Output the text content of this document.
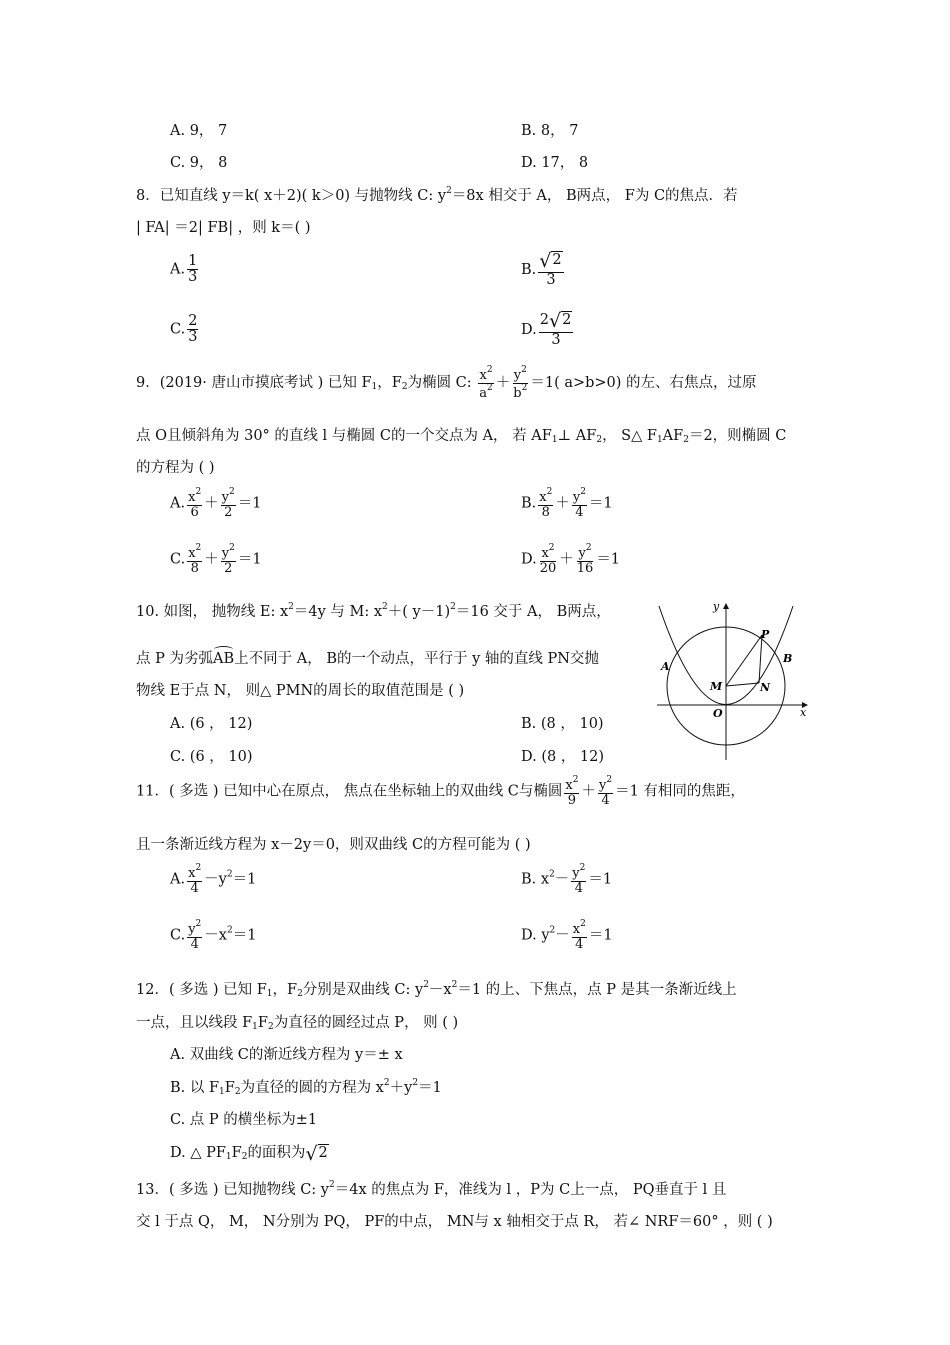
A. 9， 7	B. 8， 7
C. 9， 8	D. 17， 8
8．已知直线 y＝k( x＋2)( k＞0) 与抛物线 C: $y^2=8x$ 相交于 A， B两点， F为 C的焦点．若
| FA| ＝2| FB| ，则 k＝( )
A. $\frac{1}{3}$	B. $\frac{√2}{3}$
C. $\frac{2}{3}$	D. $\frac{2√2}{3}$
9．(2019· 唐山市摸底考试 ) 已知 $F_1$，$F_2$为椭圆 C: $\frac{x^2}{a^2} + \frac{y^2}{b^2} =1$( a>b>0) 的左、右焦点，过原
点 O且倾斜角为 30° 的直线 l 与椭圆 C的一个交点为 A， 若 $AF_1\perp$ $AF_2$， S△ $F_1AF_2=2$，则椭圆 C
的方程为 ( )
A. $\frac{x^2}{6} + \frac{y^2}{2} =1$	B. $\frac{x^2}{8} + \frac{y^2}{4} =1$
C. $\frac{x^2}{8} + \frac{y^2}{2} =1$	D. $\frac{x^2}{20} + \frac{y^2}{16} =1$
10. 如图， 抛物线 E: $x^2=4y$ 与 M: $x^2+$( y－1)$^2$＝16 交于 A， B两点，
点 P 为劣弧AB上不同于 A， B的一个动点，平行于 y 轴的直线 PN交抛
物线 E于点 N， 则△ PMN的周长的取值范围是 ( )
A. (6 ， 12)	B. (8 ， 10)
C. (6 ， 10)	D. (8 ， 12)
y
x
P
A
B
M	N
O
11．( 多选 ) 已知中心在原点， 焦点在坐标轴上的双曲线 C与椭圆 $\frac{x^2}{9} + \frac{y^2}{4} =1$ 有相同的焦距，
且一条渐近线方程为 x－2y＝0，则双曲线 C的方程可能为 ( )
A. $\frac{x^2}{4} -y^2=1$	B. $x^2- \frac{y^2}{4} =1$
C. $\frac{y^2}{4} -x^2=1$	D. $y^2- \frac{x^2}{4} =1$
12．( 多选 ) 已知 $F_1$，$F_2$分别是双曲线 C: $y^2-x^2=1$ 的上、下焦点，点 P 是其一条渐近线上
一点，且以线段 $F_1F_2$为直径的圆经过点 P， 则 ( )
A. 双曲线 C的渐近线方程为 y＝± x
B. 以 $F_1F_2$为直径的圆的方程为 $x^2+y^2=1$
C. 点 P 的横坐标为±1
D. △ $PF_1F_2$的面积为√2
13．( 多选 ) 已知抛物线 C: $y^2=4x$ 的焦点为 F，准线为 l ，P为 C上一点， PQ垂直于 l 且
交 l 于点 Q， M， N分别为 PQ， PF的中点， MN与 x 轴相交于点 R， 若∠ NRF＝60° ，则 ( )
